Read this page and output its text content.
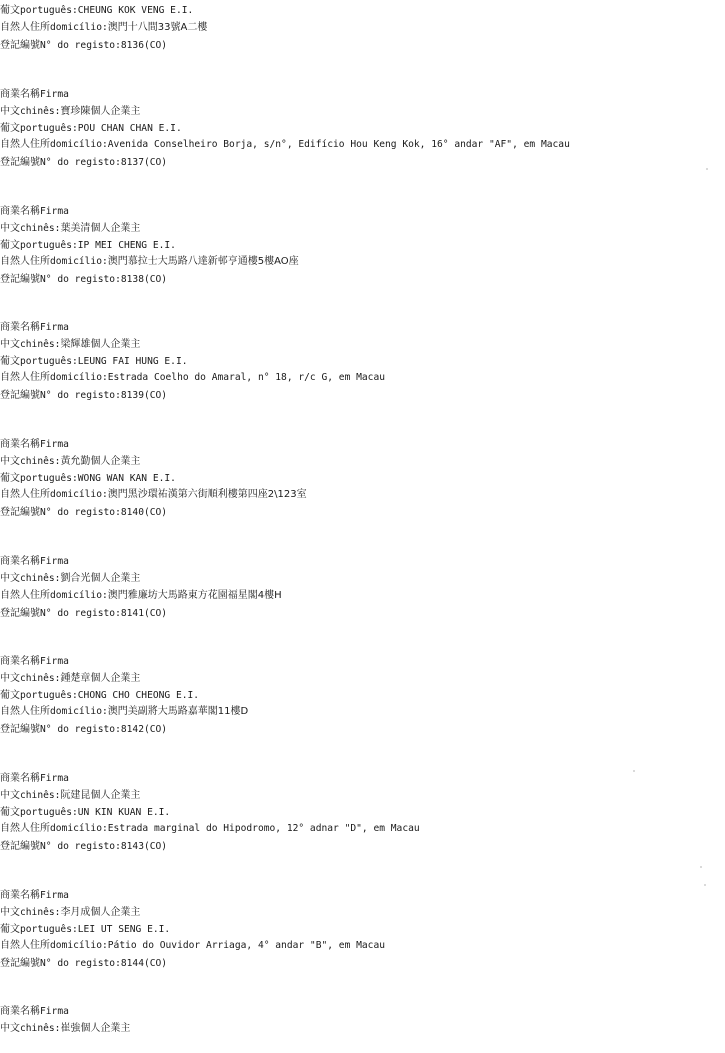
葡文português:CHEUNG KOK VENG E.I.
自然人住所domicílio:澳門十八間33號A二樓
登記編號N° do registo:8136(CO)
商業名稱Firma
中文chinês:寶珍陳個人企業主
葡文português:POU CHAN CHAN E.I.
自然人住所domicílio:Avenida Conselheiro Borja, s/n°, Edifício Hou Keng Kok, 16° andar "AF", em Macau
登記編號N° do registo:8137(CO)
商業名稱Firma
中文chinês:葉美清個人企業主
葡文português:IP MEI CHENG E.I.
自然人住所domicílio:澳門慕拉士大馬路八達新邨亨通樓5樓AO座
登記編號N° do registo:8138(CO)
商業名稱Firma
中文chinês:梁輝雄個人企業主
葡文português:LEUNG FAI HUNG E.I.
自然人住所domicílio:Estrada Coelho do Amaral, n° 18, r/c G, em Macau
登記編號N° do registo:8139(CO)
商業名稱Firma
中文chinês:黃允勤個人企業主
葡文português:WONG WAN KAN E.I.
自然人住所domicílio:澳門黑沙環祐漢第六街順利樓第四座2\123室
登記編號N° do registo:8140(CO)
商業名稱Firma
中文chinês:劉合光個人企業主
自然人住所domicílio:澳門雅廉坊大馬路東方花園福星閣4樓H
登記編號N° do registo:8141(CO)
商業名稱Firma
中文chinês:鍾楚章個人企業主
葡文português:CHONG CHO CHEONG E.I.
自然人住所domicílio:澳門美副將大馬路嘉華閣11樓D
登記編號N° do registo:8142(CO)
商業名稱Firma
中文chinês:阮建昆個人企業主
葡文português:UN KIN KUAN E.I.
自然人住所domicílio:Estrada marginal do Hipodromo, 12° adnar "D", em Macau
登記編號N° do registo:8143(CO)
商業名稱Firma
中文chinês:李月成個人企業主
葡文português:LEI UT SENG E.I.
自然人住所domicílio:Pátio do Ouvidor Arriaga, 4° andar "B", em Macau
登記編號N° do registo:8144(CO)
商業名稱Firma
中文chinês:崔強個人企業主
